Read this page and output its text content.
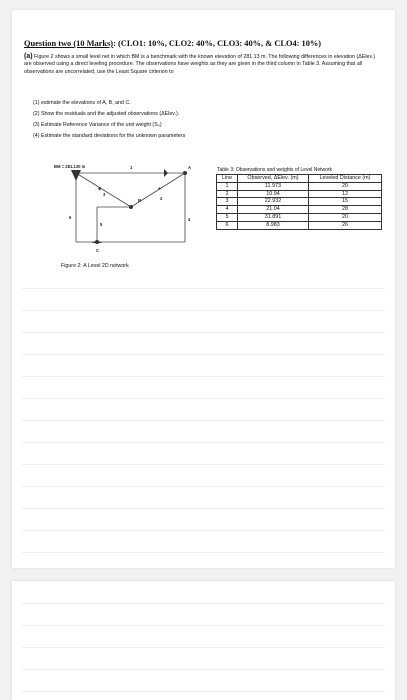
Question two (10 Marks): (CLO1: 10%, CLO2: 40%, CLO3: 40%, & CLO4: 10%)
(a) Figure 2 shows a small level net in which BM is a benchmark with the known elevation of 281.13 m. The following differences in elevation (ΔElev.) are observed using a direct leveling procedure. The observations have weights as they are given in the third column in Table 3. Assuming that all observations are uncorrelated, use the Least Square criterion to
(1) estimate the elevations of A, B, and C.
(2) Show the residuals and the adjusted observations (ΔElev.).
(3) Estimate Reference Variance of the unit weight (S₀)
(4) Estimate the standard deviations for the unknown parameters
BM = 281.130 m	A
B
C
1
2
3
4
5
6
Figure 2: A Level 2D network
Table 3: Observations and weights of Level Network
Line	Observed, ΔElev. (m)	Leveled Distance (m)
1	11.973	20
2	10.94	12
3	22.932	15
4	21.04	28
5	31.891	20
6	8.983	26
